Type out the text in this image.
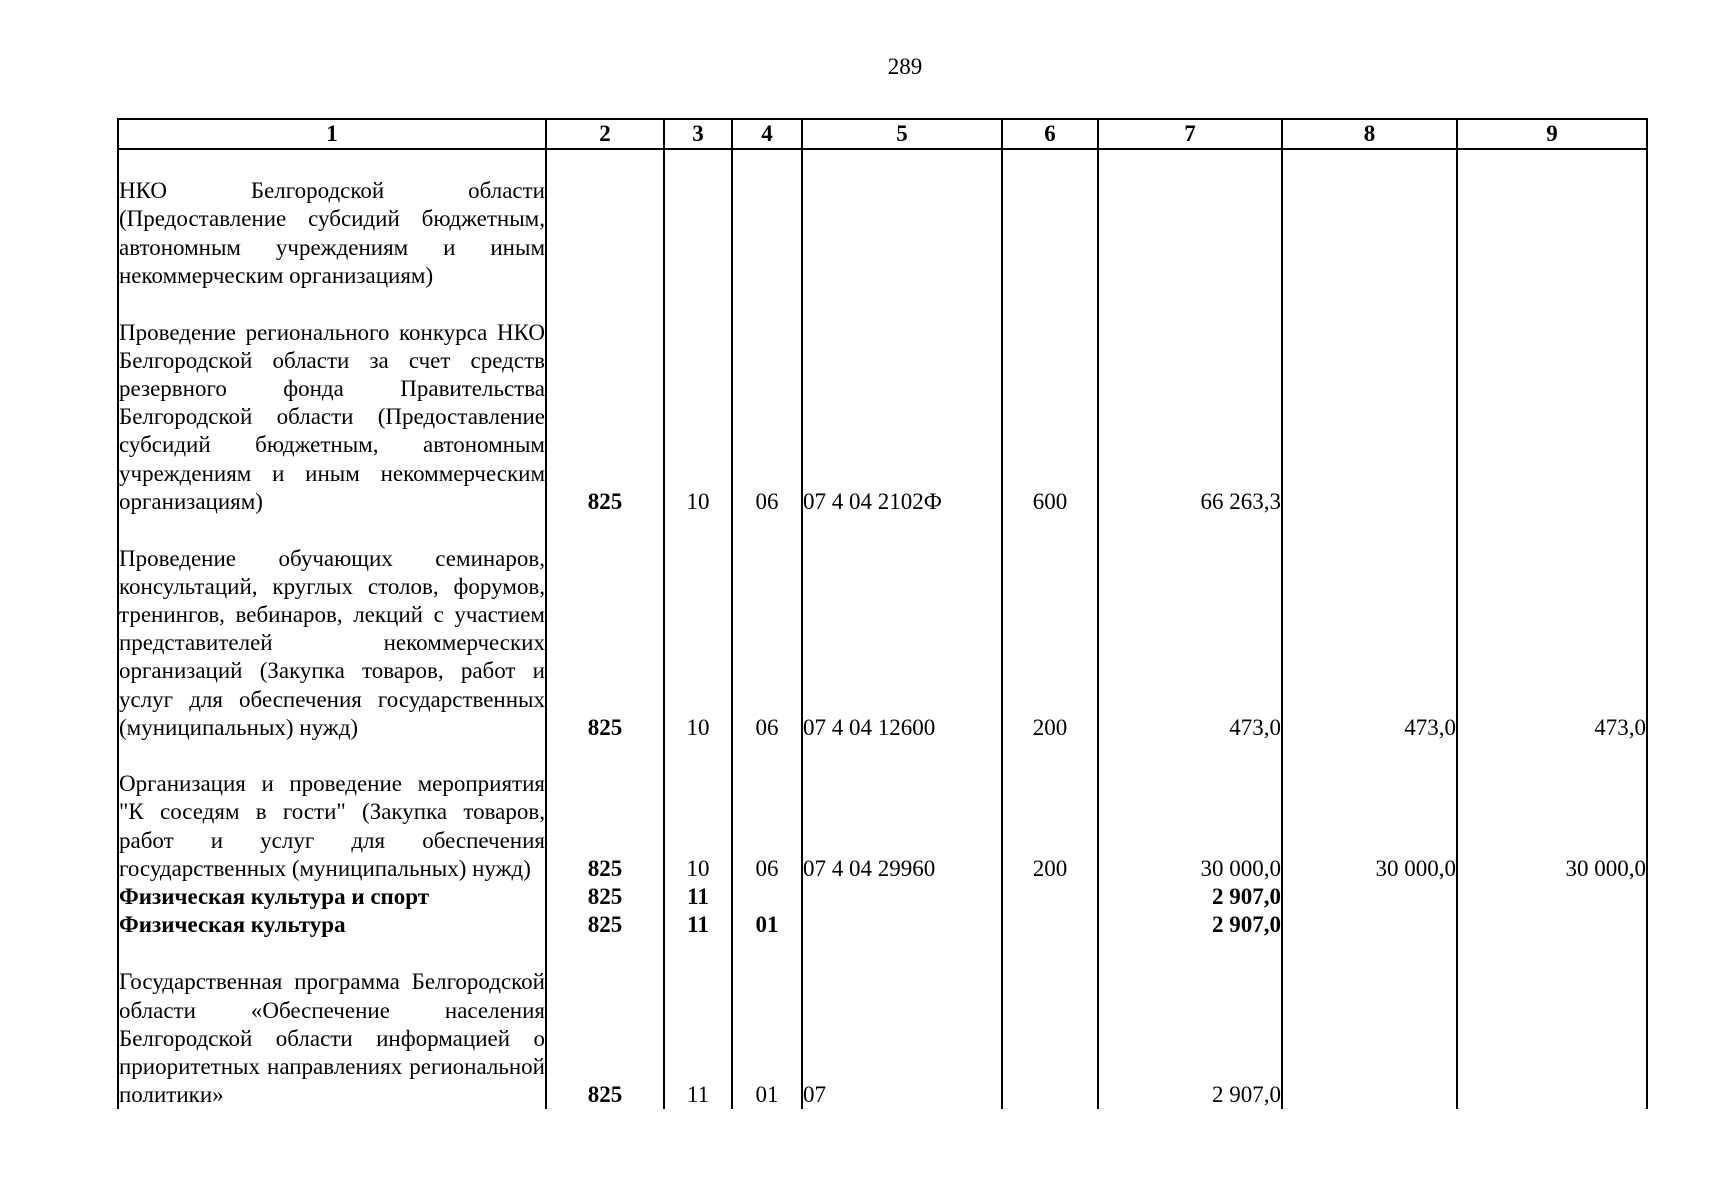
289
1	2	3	4	5	6	7	8	9
НКО Белгородской области (Предоставление субсидий бюджетным, автономным учреждениям и иным некоммерческим организациям)								
Проведение регионального конкурса НКО Белгородской области за счет средств резервного фонда Правительства Белгородской области (Предоставление субсидий бюджетным, автономным учреждениям и иным некоммерческим организациям)	825	10	06	07 4 04 2102Ф	600	66 263,3		
Проведение обучающих семинаров, консультаций, круглых столов, форумов, тренингов, вебинаров, лекций с участием представителей некоммерческих организаций (Закупка товаров, работ и услуг для обеспечения государственных (муниципальных) нужд)	825	10	06	07 4 04 12600	200	473,0	473,0	473,0
Организация и проведение мероприятия "К соседям в гости" (Закупка товаров, работ и услуг для обеспечения государственных (муниципальных) нужд)	825	10	06	07 4 04 29960	200	30 000,0	30 000,0	30 000,0
Физическая культура и спорт	825	11				2 907,0		
Физическая культура	825	11	01			2 907,0		
Государственная программа Белгородской области «Обеспечение населения Белгородской области информацией о приоритетных направлениях региональной политики»	825	11	01	07		2 907,0		
